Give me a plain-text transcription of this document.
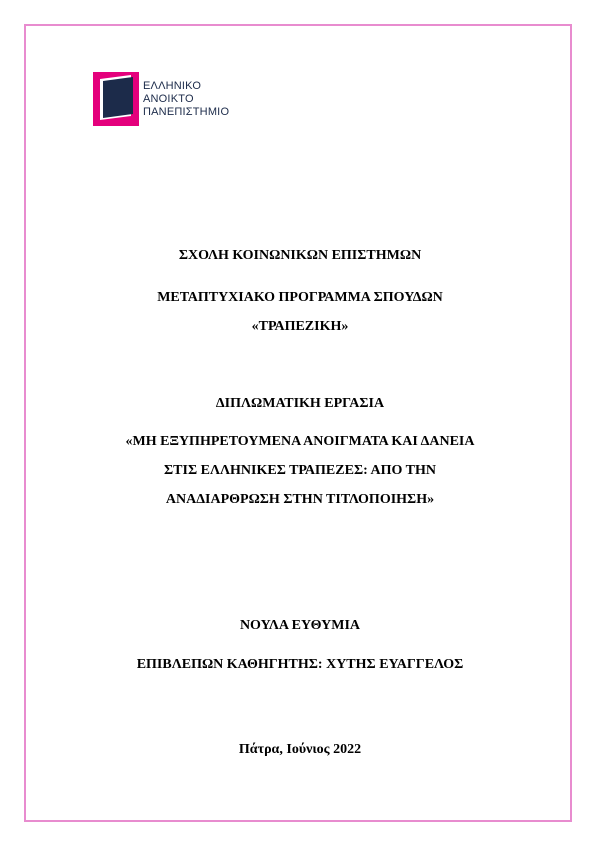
ΕΛΛΗΝΙΚΟ
ΑΝΟΙΚΤΟ
ΠΑΝΕΠΙΣΤΗΜΙΟ
ΣΧΟΛΗ ΚΟΙΝΩΝΙΚΩΝ ΕΠΙΣΤΗΜΩΝ
ΜΕΤΑΠΤΥΧΙΑΚΟ ΠΡΟΓΡΑΜΜΑ ΣΠΟΥΔΩΝ
«ΤΡΑΠΕΖΙΚΗ»
ΔΙΠΛΩΜΑΤΙΚΗ ΕΡΓΑΣΙΑ
«ΜΗ ΕΞΥΠΗΡΕΤΟΥΜΕΝΑ ΑΝΟΙΓΜΑΤΑ ΚΑΙ ΔΑΝΕΙΑ
ΣΤΙΣ ΕΛΛΗΝΙΚΕΣ ΤΡΑΠΕΖΕΣ: ΑΠΟ ΤΗΝ
ΑΝΑΔΙΑΡΘΡΩΣΗ ΣΤΗΝ ΤΙΤΛΟΠΟΙΗΣΗ»
ΝΟΥΛΑ ΕΥΘΥΜΙΑ
ΕΠΙΒΛΕΠΩΝ ΚΑΘΗΓΗΤΗΣ: ΧΥΤΗΣ ΕΥΑΓΓΕΛΟΣ
Πάτρα, Ιούνιος 2022
